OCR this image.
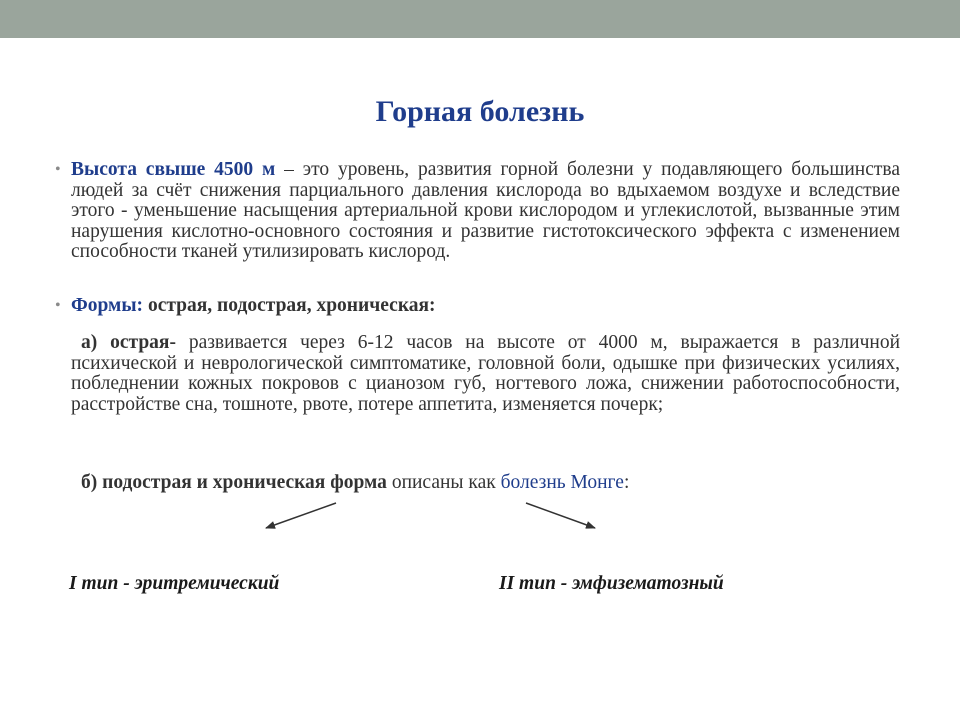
Горная болезнь
• Высота свыше 4500 м – это уровень, развития горной болезни у подавляющего большинства людей за счёт снижения парциального давления кислорода во вдыхаемом воздухе и вследствие этого - уменьшение насыщения артериальной крови кислородом и углекислотой, вызванные этим нарушения кислотно-основного состояния и развитие гистотоксического эффекта с изменением способности тканей утилизировать кислород.
• Формы: острая, подострая, хроническая:
а) острая- развивается через 6-12 часов на высоте от 4000 м, выражается в различной психической и неврологической симптоматике, головной боли, одышке при физических усилиях, побледнении кожных покровов с цианозом губ, ногтевого ложа, снижении работоспособности, расстройстве сна, тошноте, рвоте, потере аппетита, изменяется почерк;
б) подострая и хроническая форма описаны как болезнь Монге:
I тип - эритремический	II тип - эмфизематозный
